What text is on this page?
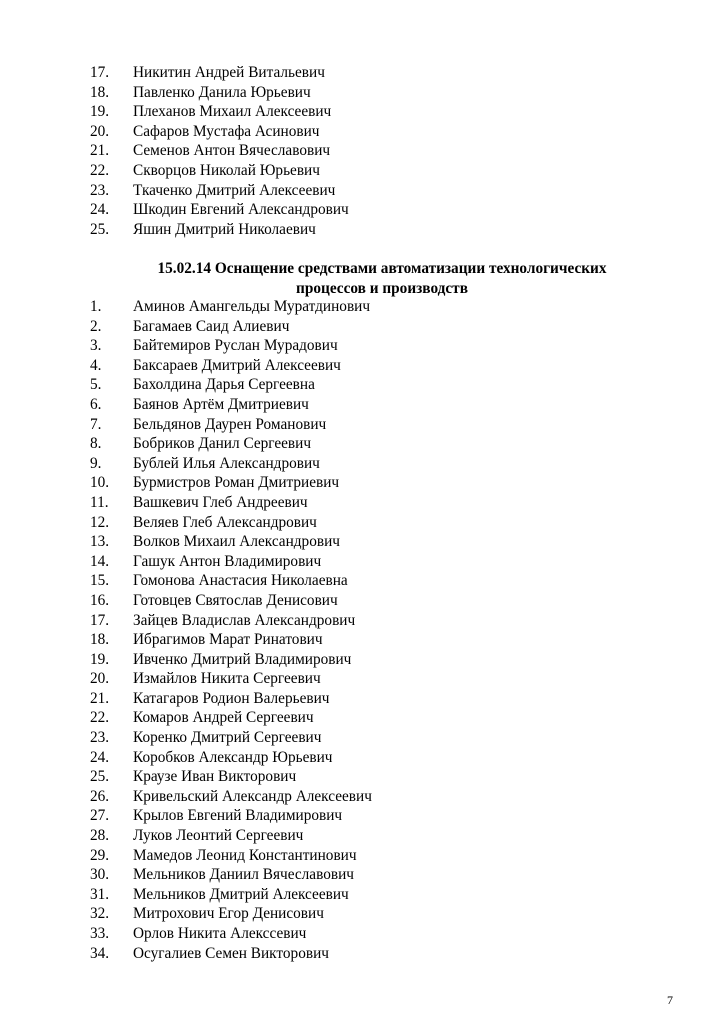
17.	Никитин Андрей Витальевич
18.	Павленко Данила Юрьевич
19.	Плеханов Михаил Алексеевич
20.	Сафаров Мустафа Асинович
21.	Семенов Антон Вячеславович
22.	Скворцов Николай Юрьевич
23.	Ткаченко Дмитрий Алексеевич
24.	Шкодин Евгений Александрович
25.	Яшин Дмитрий Николаевич
15.02.14 Оснащение средствами автоматизации технологических
процессов и производств
1.	Аминов Амангельды Муратдинович
2.	Багамаев Саид Алиевич
3.	Байтемиров Руслан Мурадович
4.	Баксараев Дмитрий Алексеевич
5.	Бахолдина Дарья Сергеевна
6.	Баянов Артём Дмитриевич
7.	Бельдянов Даурен Романович
8.	Бобриков Данил Сергеевич
9.	Бублей Илья Александрович
10.	Бурмистров Роман Дмитриевич
11.	Вашкевич Глеб Андреевич
12.	Веляев Глеб Александрович
13.	Волков Михаил Александрович
14.	Гашук Антон Владимирович
15.	Гомонова Анастасия Николаевна
16.	Готовцев Святослав Денисович
17.	Зайцев Владислав Александрович
18.	Ибрагимов Марат Ринатович
19.	Ивченко Дмитрий Владимирович
20.	Измайлов Никита Сергеевич
21.	Катагаров Родион Валерьевич
22.	Комаров Андрей Сергеевич
23.	Коренко Дмитрий Сергеевич
24.	Коробков Александр Юрьевич
25.	Краузе Иван Викторович
26.	Кривельский Александр Алексеевич
27.	Крылов Евгений Владимирович
28.	Луков Леонтий Сергеевич
29.	Мамедов Леонид Константинович
30.	Мельников Даниил Вячеславович
31.	Мельников Дмитрий Алексеевич
32.	Митрохович Егор Денисович
33.	Орлов Никита Алекссевич
34.	Осугалиев Семен Викторович
7
